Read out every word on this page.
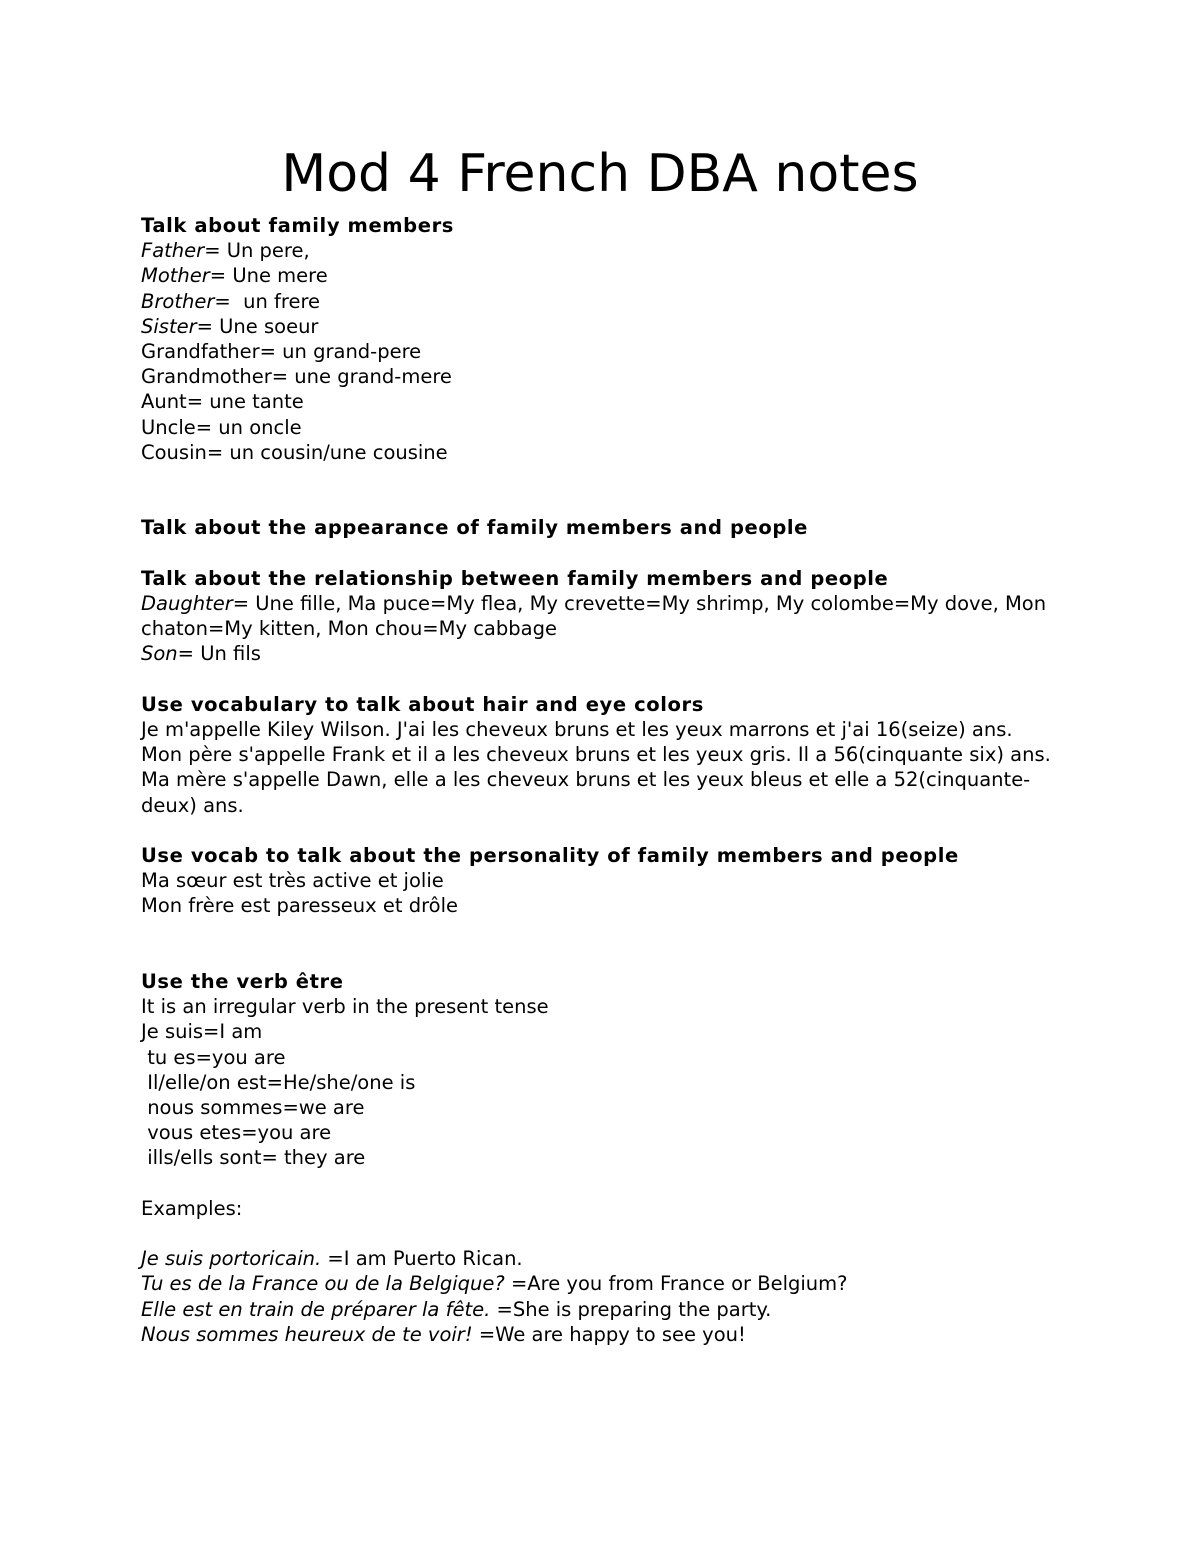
Mod 4 French DBA notes
Talk about family members
Father= Un pere,
Mother= Une mere
Brother=  un frere
Sister= Une soeur
Grandfather= un grand-pere
Grandmother= une grand-mere
Aunt= une tante
Uncle= un oncle
Cousin= un cousin/une cousine
Talk about the appearance of family members and people
Talk about the relationship between family members and people
Daughter= Une fille, Ma puce=My flea, My crevette=My shrimp, My colombe=My dove, Mon chaton=My kitten, Mon chou=My cabbage
Son= Un fils
Use vocabulary to talk about hair and eye colors
Je m'appelle Kiley Wilson. J'ai les cheveux bruns et les yeux marrons et j'ai 16(seize) ans.
Mon père s'appelle Frank et il a les cheveux bruns et les yeux gris. Il a 56(cinquante six) ans.
Ma mère s'appelle Dawn, elle a les cheveux bruns et les yeux bleus et elle a 52(cinquante-deux) ans.
Use vocab to talk about the personality of family members and people
Ma sœur est très active et jolie
Mon frère est paresseux et drôle
Use the verb être
It is an irregular verb in the present tense
Je suis=I am
tu es=you are
Il/elle/on est=He/she/one is
nous sommes=we are
vous etes=you are
ills/ells sont= they are
Examples:
Je suis portoricain. =I am Puerto Rican.
Tu es de la France ou de la Belgique? =Are you from France or Belgium?
Elle est en train de préparer la fête. =She is preparing the party.
Nous sommes heureux de te voir! =We are happy to see you!
